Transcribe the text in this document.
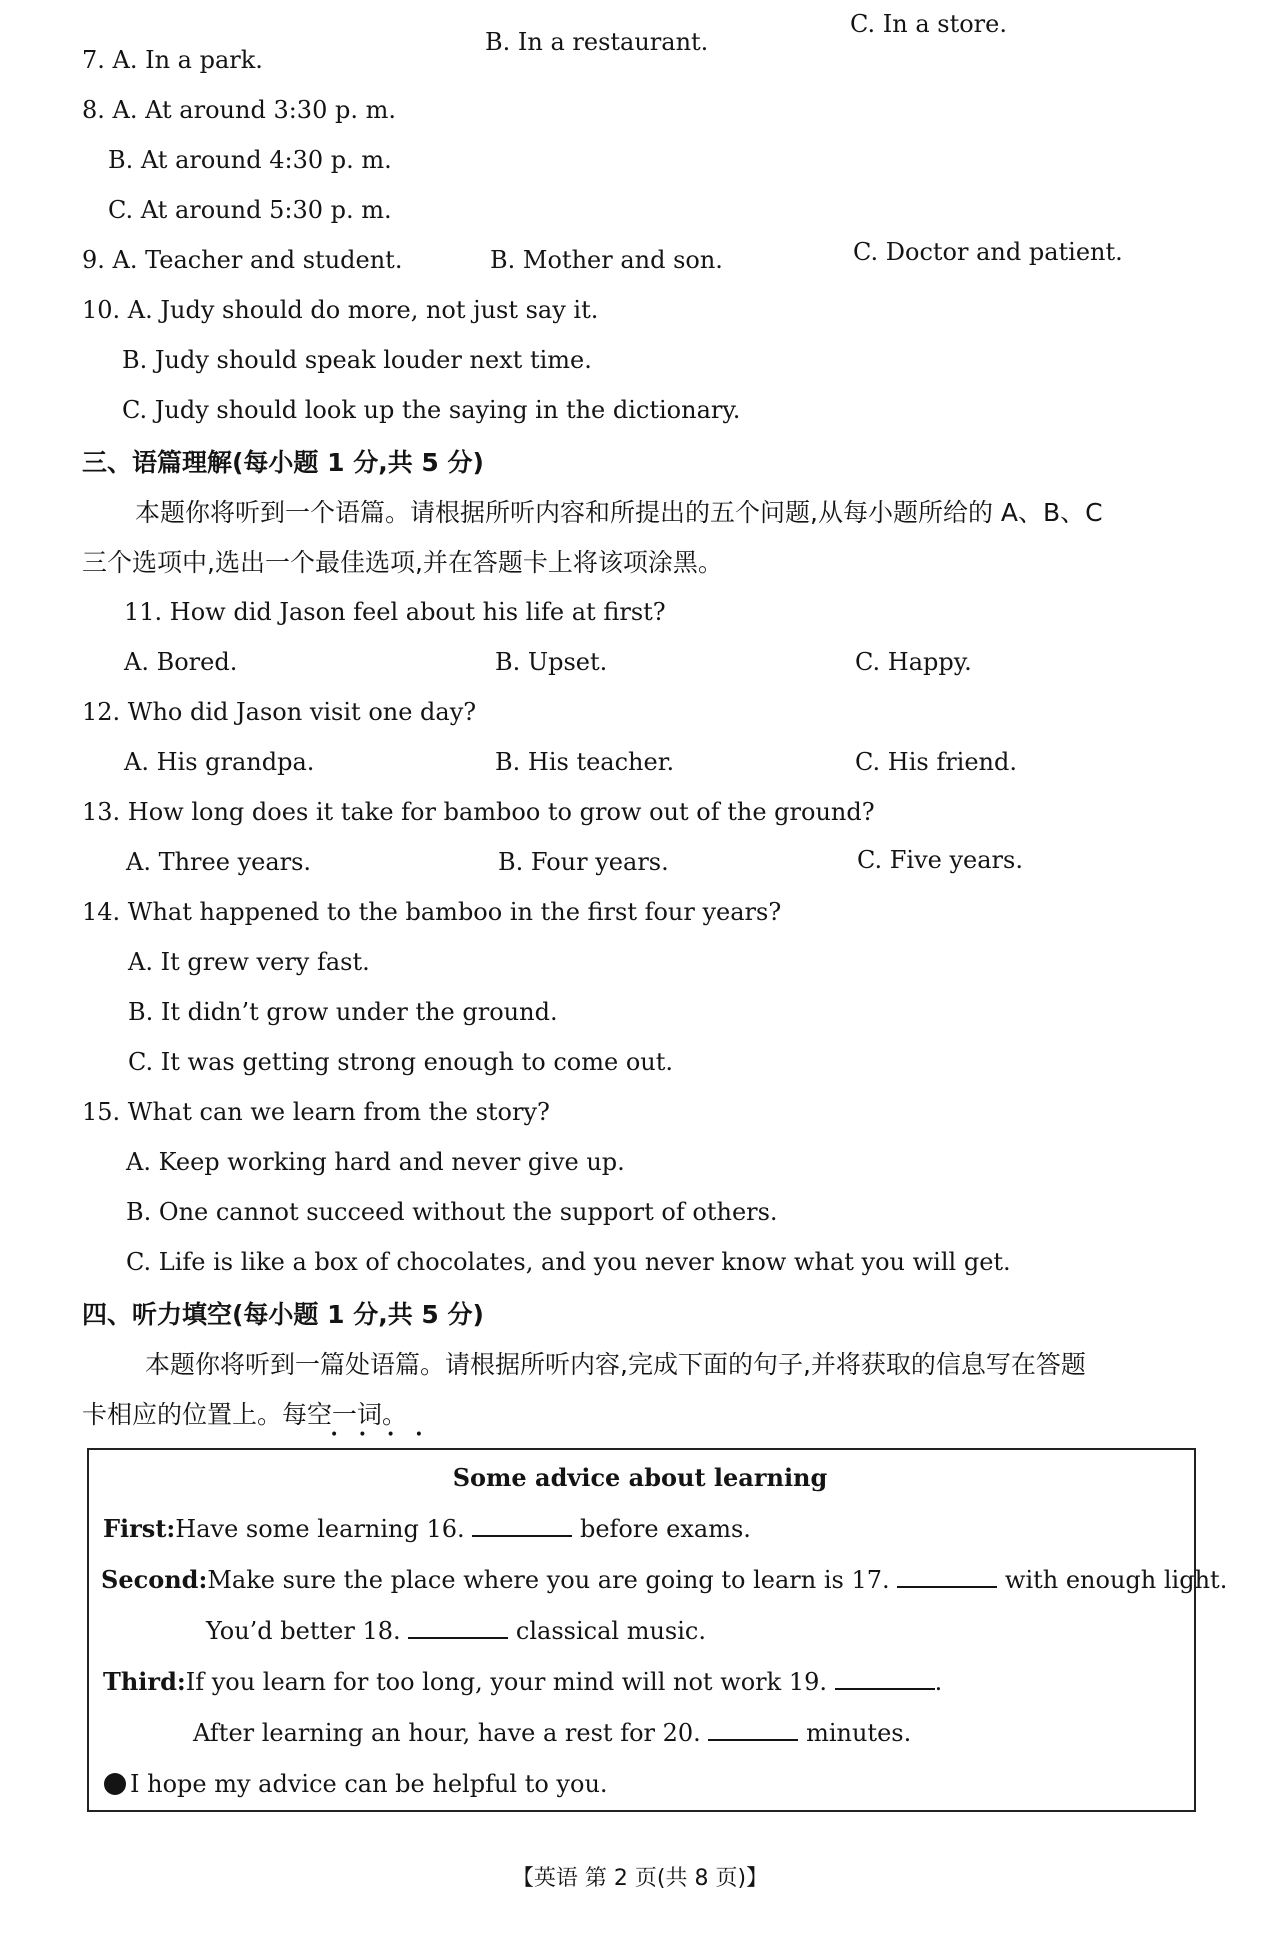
7. A. In a park.
B. In a restaurant.
C. In a store.
8. A. At around 3:30 p. m.
B. At around 4:30 p. m.
C. At around 5:30 p. m.
9. A. Teacher and student.	B. Mother and son.	C. Doctor and patient.
10. A. Judy should do more, not just say it.
B. Judy should speak louder next time.
C. Judy should look up the saying in the dictionary.
三、语篇理解(每小题 1 分,共 5 分)
本题你将听到一个语篇。请根据所听内容和所提出的五个问题,从每小题所给的 A、B、C
三个选项中,选出一个最佳选项,并在答题卡上将该项涂黑。
11. How did Jason feel about his life at first?
A. Bored.	B. Upset.	C. Happy.
12. Who did Jason visit one day?
A. His grandpa.	B. His teacher.	C. His friend.
13. How long does it take for bamboo to grow out of the ground?
A. Three years.	B. Four years.	C. Five years.
14. What happened to the bamboo in the first four years?
A. It grew very fast.
B. It didn’t grow under the ground.
C. It was getting strong enough to come out.
15. What can we learn from the story?
A. Keep working hard and never give up.
B. One cannot succeed without the support of others.
C. Life is like a box of chocolates, and you never know what you will get.
四、听力填空(每小题 1 分,共 5 分)
本题你将听到一篇处语篇。请根据所听内容,完成下面的句子,并将获取的信息写在答题
卡相应的位置上。每空一词。
••••
Some advice about learning
First:Have some learning 16.	before exams.
Second:Make sure the place where you are going to learn is 17.	with enough light.
You’d better 18.	classical music.
Third:If you learn for too long, your mind will not work 19.	.
After learning an hour, have a rest for 20.	minutes.
I hope my advice can be helpful to you.
【英语 第 2 页(共 8 页)】
